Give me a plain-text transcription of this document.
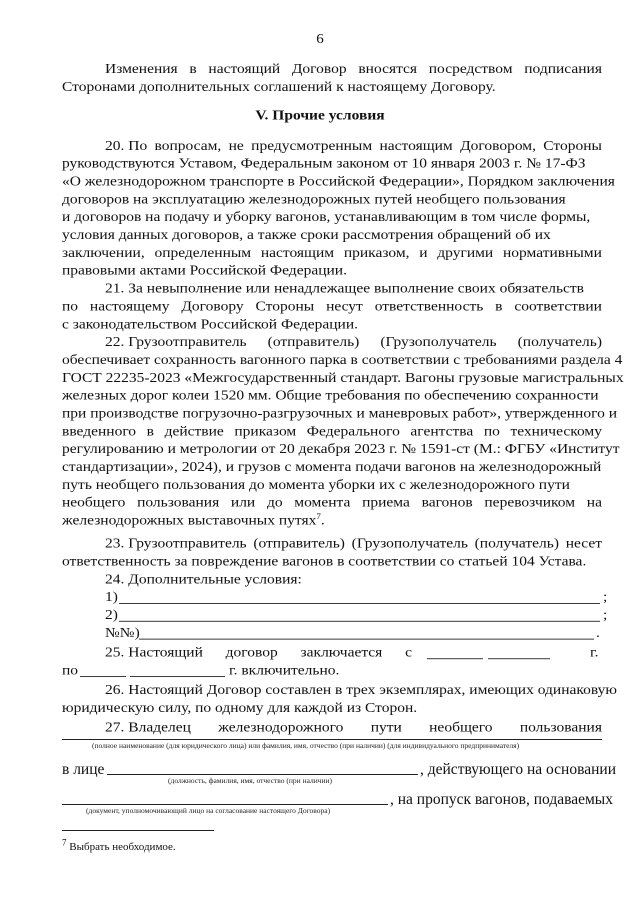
6
Изменения в настоящий Договор вносятся посредством подписания
Сторонами дополнительных соглашений к настоящему Договору.
V. Прочие условия
20. По вопросам, не предусмотренным настоящим Договором, Стороны
руководствуются Уставом, Федеральным законом от 10 января 2003 г. № 17-ФЗ
«О железнодорожном транспорте в Российской Федерации», Порядком заключения
договоров на эксплуатацию железнодорожных путей необщего пользования
и договоров на подачу и уборку вагонов, устанавливающим в том числе формы,
условия данных договоров, а также сроки рассмотрения обращений об их
заключении, определенным настоящим приказом, и другими нормативными
правовыми актами Российской Федерации.
21. За невыполнение или ненадлежащее выполнение своих обязательств
по настоящему Договору Стороны несут ответственность в соответствии
с законодательством Российской Федерации.
22. Грузоотправитель (отправитель) (Грузополучатель (получатель)
обеспечивает сохранность вагонного парка в соответствии с требованиями раздела 4
ГОСТ 22235-2023 «Межгосударственный стандарт. Вагоны грузовые магистральных
железных дорог колеи 1520 мм. Общие требования по обеспечению сохранности
при производстве погрузочно-разгрузочных и маневровых работ», утвержденного и
введенного в действие приказом Федерального агентства по техническому
регулированию и метрологии от 20 декабря 2023 г. № 1591-ст (М.: ФГБУ «Институт
стандартизации», 2024), и грузов с момента подачи вагонов на железнодорожный
путь необщего пользования до момента уборки их с железнодорожного пути
необщего пользования или до момента приема вагонов перевозчиком на
железнодорожных выставочных путях$^7$.
23. Грузоотправитель (отправитель) (Грузополучатель (получатель) несет
ответственность за повреждение вагонов в соответствии со статьей 104 Устава.
24. Дополнительные условия:
1)	;
2)	;
№№)	.
25. Настоящий договор заключается с	г.
по	г. включительно.
26. Настоящий Договор составлен в трех экземплярах, имеющих одинаковую
юридическую силу, по одному для каждой из Сторон.
27. Владелец железнодорожного пути необщего пользования
(полное наименование (для юридического лица) или фамилия, имя, отчество (при наличии) (для индивидуального предпринимателя)
в лице	, действующего на основании
(должность, фамилия, имя, отчество (при наличии)
, на пропуск вагонов, подаваемых
(документ, уполномочивающий лицо на согласование настоящего Договора)
$^7$ Выбрать необходимое.
